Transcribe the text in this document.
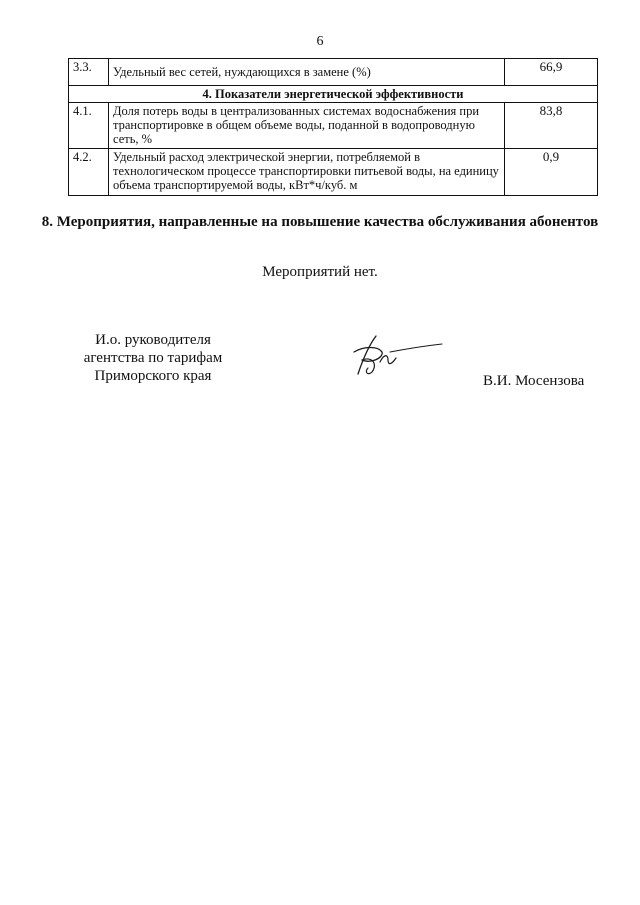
6
3.3.	Удельный вес сетей, нуждающихся в замене (%)	66,9
4. Показатели энергетической эффективности		
4.1.	Доля потерь воды в централизованных системах водоснабжения при транспортировке в общем объеме воды, поданной в водопроводную сеть, %	83,8
4.2.	Удельный расход электрической энергии, потребляемой в технологическом процессе транспортировки питьевой воды, на единицу объема транспортируемой воды, кВт*ч/куб. м	0,9
8. Мероприятия, направленные на повышение качества обслуживания абонентов
Мероприятий нет.
И.о. руководителя
агентства по тарифам
Приморского края	В.И. Мосензова
